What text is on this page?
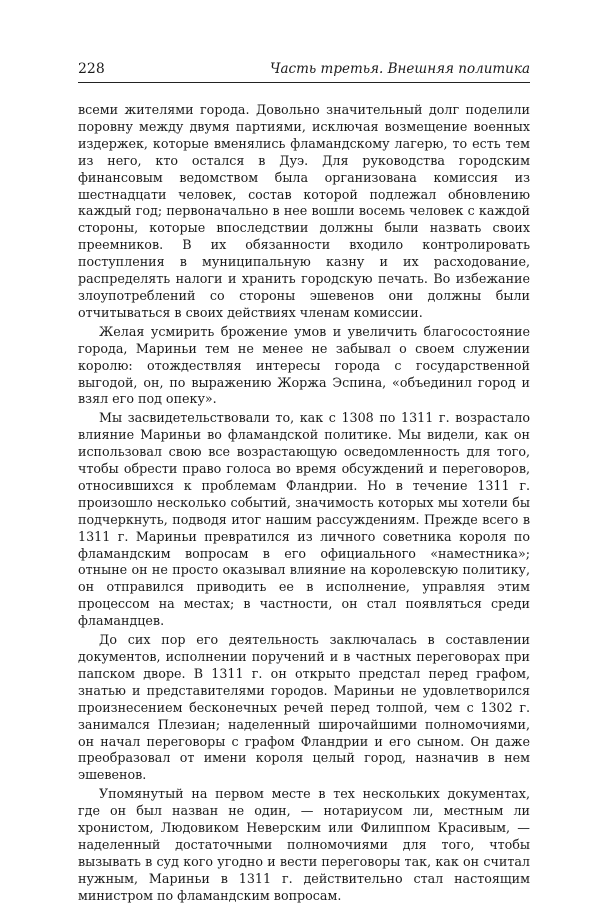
228	Часть третья. Внешняя политика

всеми жителями города. Довольно значительный долг поделили поровну между двумя партиями, исключая возмещение военных издержек, которые вменялись фламандскому лагерю, то есть тем из него, кто остался в Дуэ. Для руководства городским финансовым ведомством была организована комиссия из шестнадцати человек, состав которой подлежал обновлению каждый год; первоначально в нее вошли восемь человек с каждой стороны, которые впоследствии должны были назвать своих преемников. В их обязанности входило контролировать поступления в муниципальную казну и их расходование, распределять налоги и хранить городскую печать. Во избежание злоупотреблений со стороны эшевенов они должны были отчитываться в своих действиях членам комиссии.

Желая усмирить брожение умов и увеличить благосостояние города, Мариньи тем не менее не забывал о своем служении королю: отождествляя интересы города с государственной выгодой, он, по выражению Жоржа Эспина, «объединил город и взял его под опеку».

Мы засвидетельствовали то, как с 1308 по 1311 г. возрастало влияние Мариньи во фламандской политике. Мы видели, как он использовал свою все возрастающую осведомленность для того, чтобы обрести право голоса во время обсуждений и переговоров, относившихся к проблемам Фландрии. Но в течение 1311 г. произошло несколько событий, значимость которых мы хотели бы подчеркнуть, подводя итог нашим рассуждениям. Прежде всего в 1311 г. Мариньи превратился из личного советника короля по фламандским вопросам в его официального «наместника»; отныне он не просто оказывал влияние на королевскую политику, он отправился приводить ее в исполнение, управляя этим процессом на местах; в частности, он стал появляться среди фламандцев.

До сих пор его деятельность заключалась в составлении документов, исполнении поручений и в частных переговорах при папском дворе. В 1311 г. он открыто предстал перед графом, знатью и представителями городов. Мариньи не удовлетворился произнесением бесконечных речей перед толпой, чем с 1302 г. занимался Плезиан; наделенный широчайшими полномочиями, он начал переговоры с графом Фландрии и его сыном. Он даже преобразовал от имени короля целый город, назначив в нем эшевенов.

Упомянутый на первом месте в тех нескольких документах, где он был назван не один, — нотариусом ли, местным ли хронистом, Людовиком Неверским или Филиппом Красивым, — наделенный достаточными полномочиями для того, чтобы вызывать в суд кого угодно и вести переговоры так, как он считал нужным, Мариньи в 1311 г. действительно стал настоящим министром по фламандским вопросам.
